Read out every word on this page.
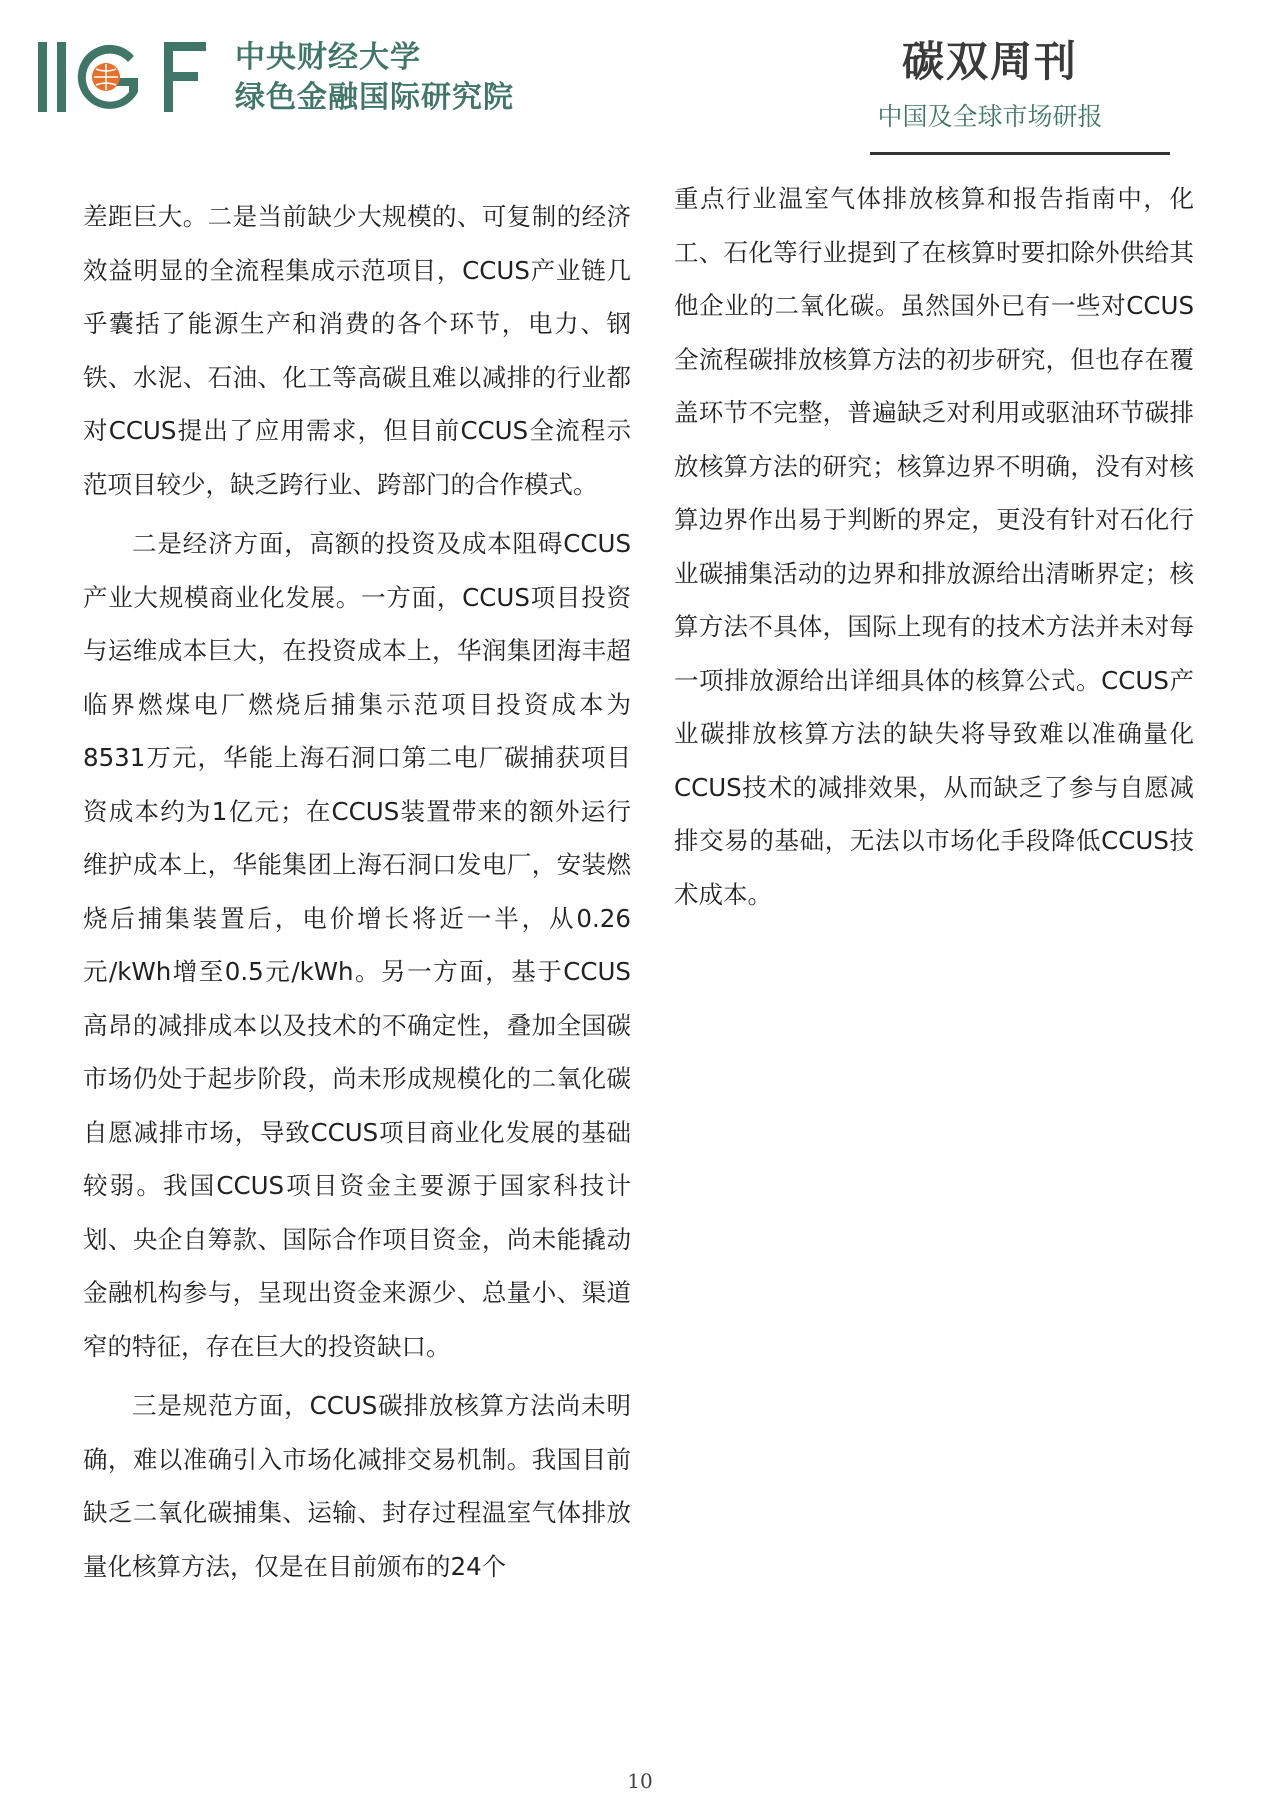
中央财经大学
绿色金融国际研究院
碳双周刊
中国及全球市场研报

差距巨大。二是当前缺少大规模的、可复制的经济效益明显的全流程集成示范项目，CCUS产业链几乎囊括了能源生产和消费的各个环节，电力、钢铁、水泥、石油、化工等高碳且难以减排的行业都对CCUS提出了应用需求，但目前CCUS全流程示范项目较少，缺乏跨行业、跨部门的合作模式。

二是经济方面，高额的投资及成本阻碍CCUS产业大规模商业化发展。一方面，CCUS项目投资与运维成本巨大，在投资成本上，华润集团海丰超临界燃煤电厂燃烧后捕集示范项目投资成本为8531万元，华能上海石洞口第二电厂碳捕获项目资成本约为1亿元；在CCUS装置带来的额外运行维护成本上，华能集团上海石洞口发电厂，安装燃烧后捕集装置后，电价增长将近一半，从0.26元/kWh增至0.5元/kWh。另一方面，基于CCUS高昂的减排成本以及技术的不确定性，叠加全国碳市场仍处于起步阶段，尚未形成规模化的二氧化碳自愿减排市场，导致CCUS项目商业化发展的基础较弱。我国CCUS项目资金主要源于国家科技计划、央企自筹款、国际合作项目资金，尚未能撬动金融机构参与，呈现出资金来源少、总量小、渠道窄的特征，存在巨大的投资缺口。

三是规范方面，CCUS碳排放核算方法尚未明确，难以准确引入市场化减排交易机制。我国目前缺乏二氧化碳捕集、运输、封存过程温室气体排放量化核算方法，仅是在目前颁布的24个

重点行业温室气体排放核算和报告指南中，化工、石化等行业提到了在核算时要扣除外供给其他企业的二氧化碳。虽然国外已有一些对CCUS全流程碳排放核算方法的初步研究，但也存在覆盖环节不完整，普遍缺乏对利用或驱油环节碳排放核算方法的研究；核算边界不明确，没有对核算边界作出易于判断的界定，更没有针对石化行业碳捕集活动的边界和排放源给出清晰界定；核算方法不具体，国际上现有的技术方法并未对每一项排放源给出详细具体的核算公式。CCUS产业碳排放核算方法的缺失将导致难以准确量化CCUS技术的减排效果，从而缺乏了参与自愿减排交易的基础，无法以市场化手段降低CCUS技术成本。

10
